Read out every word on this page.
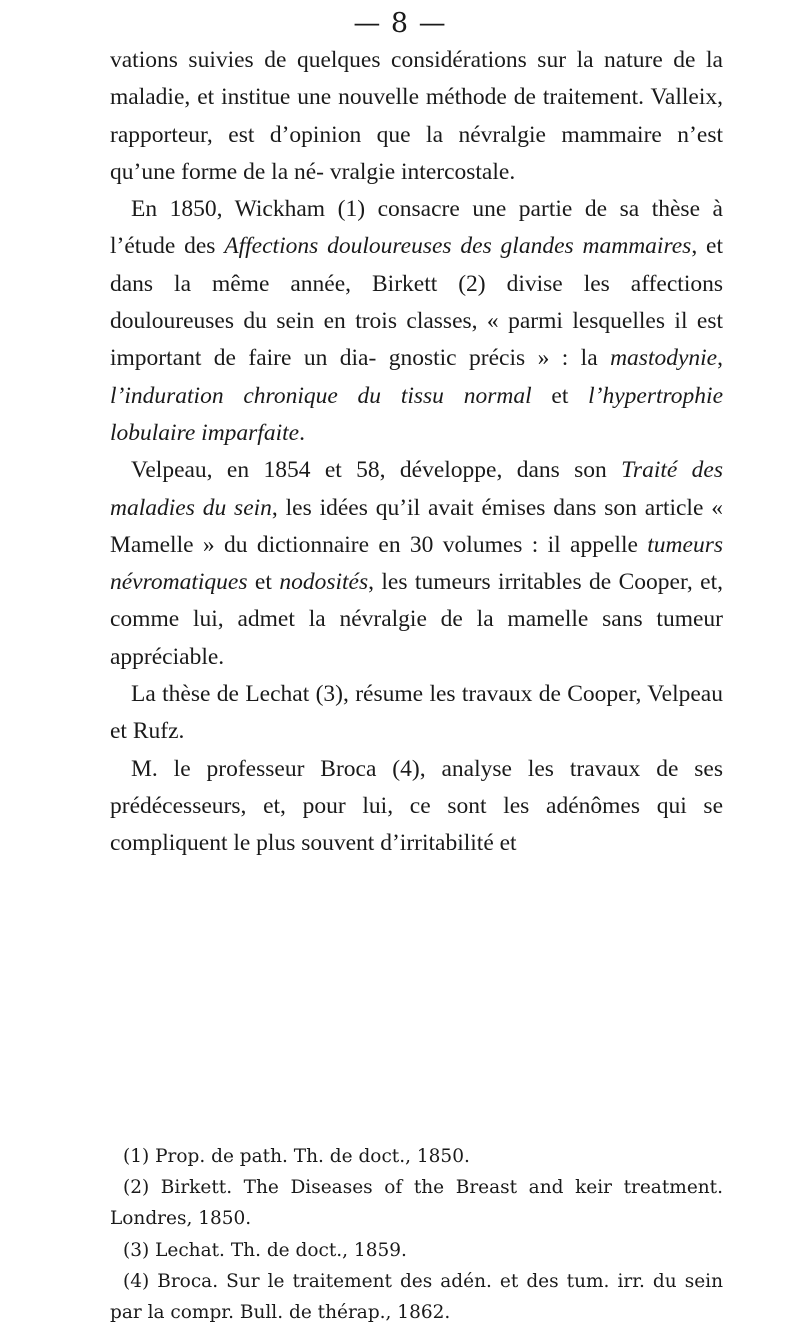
— 8 —

vations suivies de quelques considérations sur la nature de la maladie, et institue une nouvelle méthode de traitement. Valleix, rapporteur, est d’opinion que la névralgie mammaire n’est qu’une forme de la né- vralgie intercostale.

En 1850, Wickham (1) consacre une partie de sa thèse à l’étude des Affections douloureuses des glandes mammaires, et dans la même année, Birkett (2) divise les affections douloureuses du sein en trois classes, « parmi lesquelles il est important de faire un dia- gnostic précis » : la mastodynie, l’induration chronique du tissu normal et l’hypertrophie lobulaire imparfaite.

Velpeau, en 1854 et 58, développe, dans son Traité des maladies du sein, les idées qu’il avait émises dans son article « Mamelle » du dictionnaire en 30 volumes : il appelle tumeurs névromatiques et nodosités, les tumeurs irritables de Cooper, et, comme lui, admet la névralgie de la mamelle sans tumeur appréciable.

La thèse de Lechat (3), résume les travaux de Cooper, Velpeau et Rufz.

M. le professeur Broca (4), analyse les travaux de ses prédécesseurs, et, pour lui, ce sont les adénômes qui se compliquent le plus souvent d’irritabilité et

(1) Prop. de path. Th. de doct., 1850.

(2) Birkett. The Diseases of the Breast and keir treatment. Londres, 1850.

(3) Lechat. Th. de doct., 1859.

(4) Broca. Sur le traitement des adén. et des tum. irr. du sein par la compr. Bull. de thérap., 1862.
